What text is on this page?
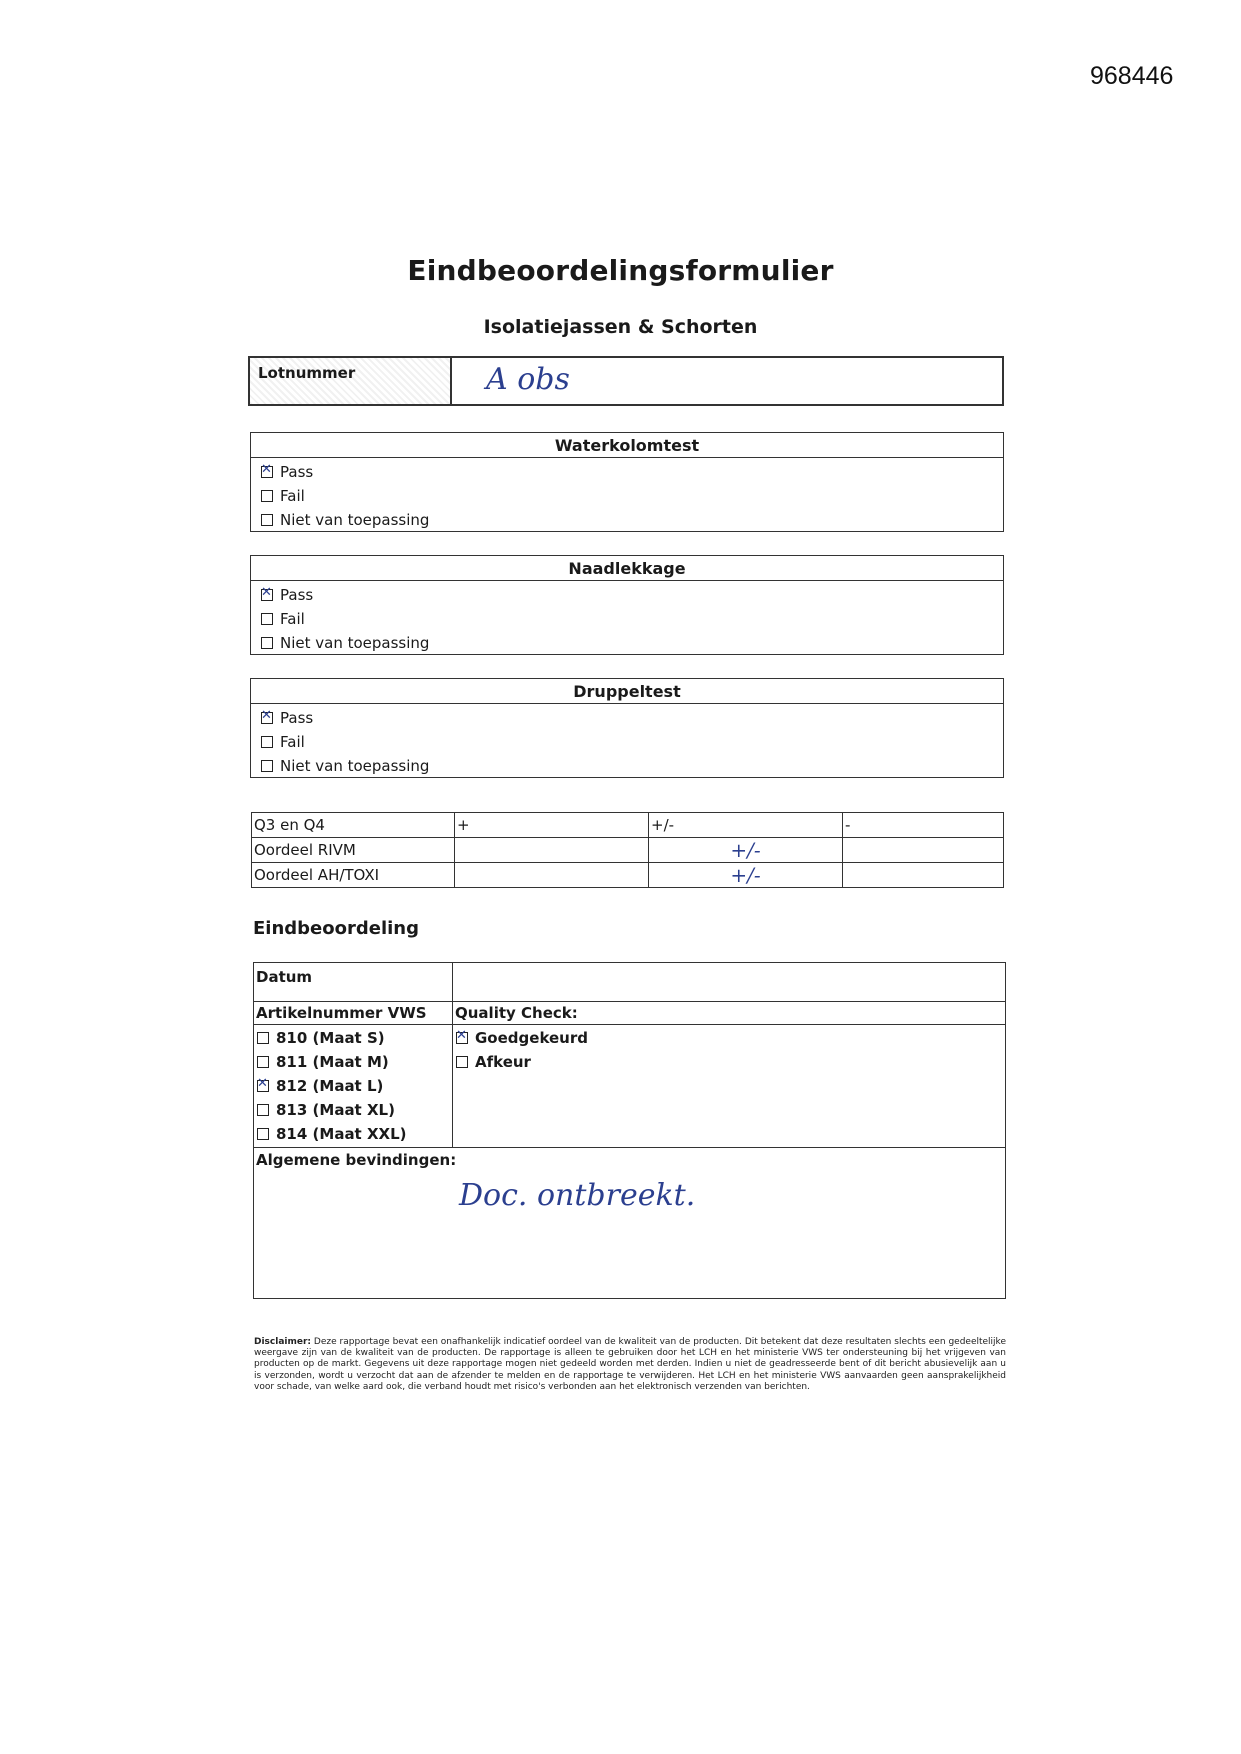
968446
Eindbeoordelingsformulier
Isolatiejassen & Schorten
Lotnummer	A obs
Waterkolomtest
✕
Pass
Fail
Niet van toepassing
Naadlekkage
✕
Pass
Fail
Niet van toepassing
Druppeltest
✕
Pass
Fail
Niet van toepassing
Q3 en Q4	+	+/-	-
Oordeel RIVM		+/-	
Oordeel AH/TOXI		+/-	
Eindbeoordeling
Datum
Artikelnummer VWS Quality Check:
810 (Maat S)
811 (Maat M)
✕
812 (Maat L)
813 (Maat XL)
814 (Maat XXL)
✕
Goedgekeurd
Afkeur
Algemene bevindingen:
Doc. ontbreekt.
Disclaimer: Deze rapportage bevat een onafhankelijk indicatief oordeel van de kwaliteit van de producten. Dit betekent dat deze resultaten slechts een gedeeltelijke weergave zijn van de kwaliteit van de producten. De rapportage is alleen te gebruiken door het LCH en het ministerie VWS ter ondersteuning bij het vrijgeven van producten op de markt. Gegevens uit deze rapportage mogen niet gedeeld worden met derden. Indien u niet de geadresseerde bent of dit bericht abusievelijk aan u is verzonden, wordt u verzocht dat aan de afzender te melden en de rapportage te verwijderen. Het LCH en het ministerie VWS aanvaarden geen aansprakelijkheid voor schade, van welke aard ook, die verband houdt met risico's verbonden aan het elektronisch verzenden van berichten.
